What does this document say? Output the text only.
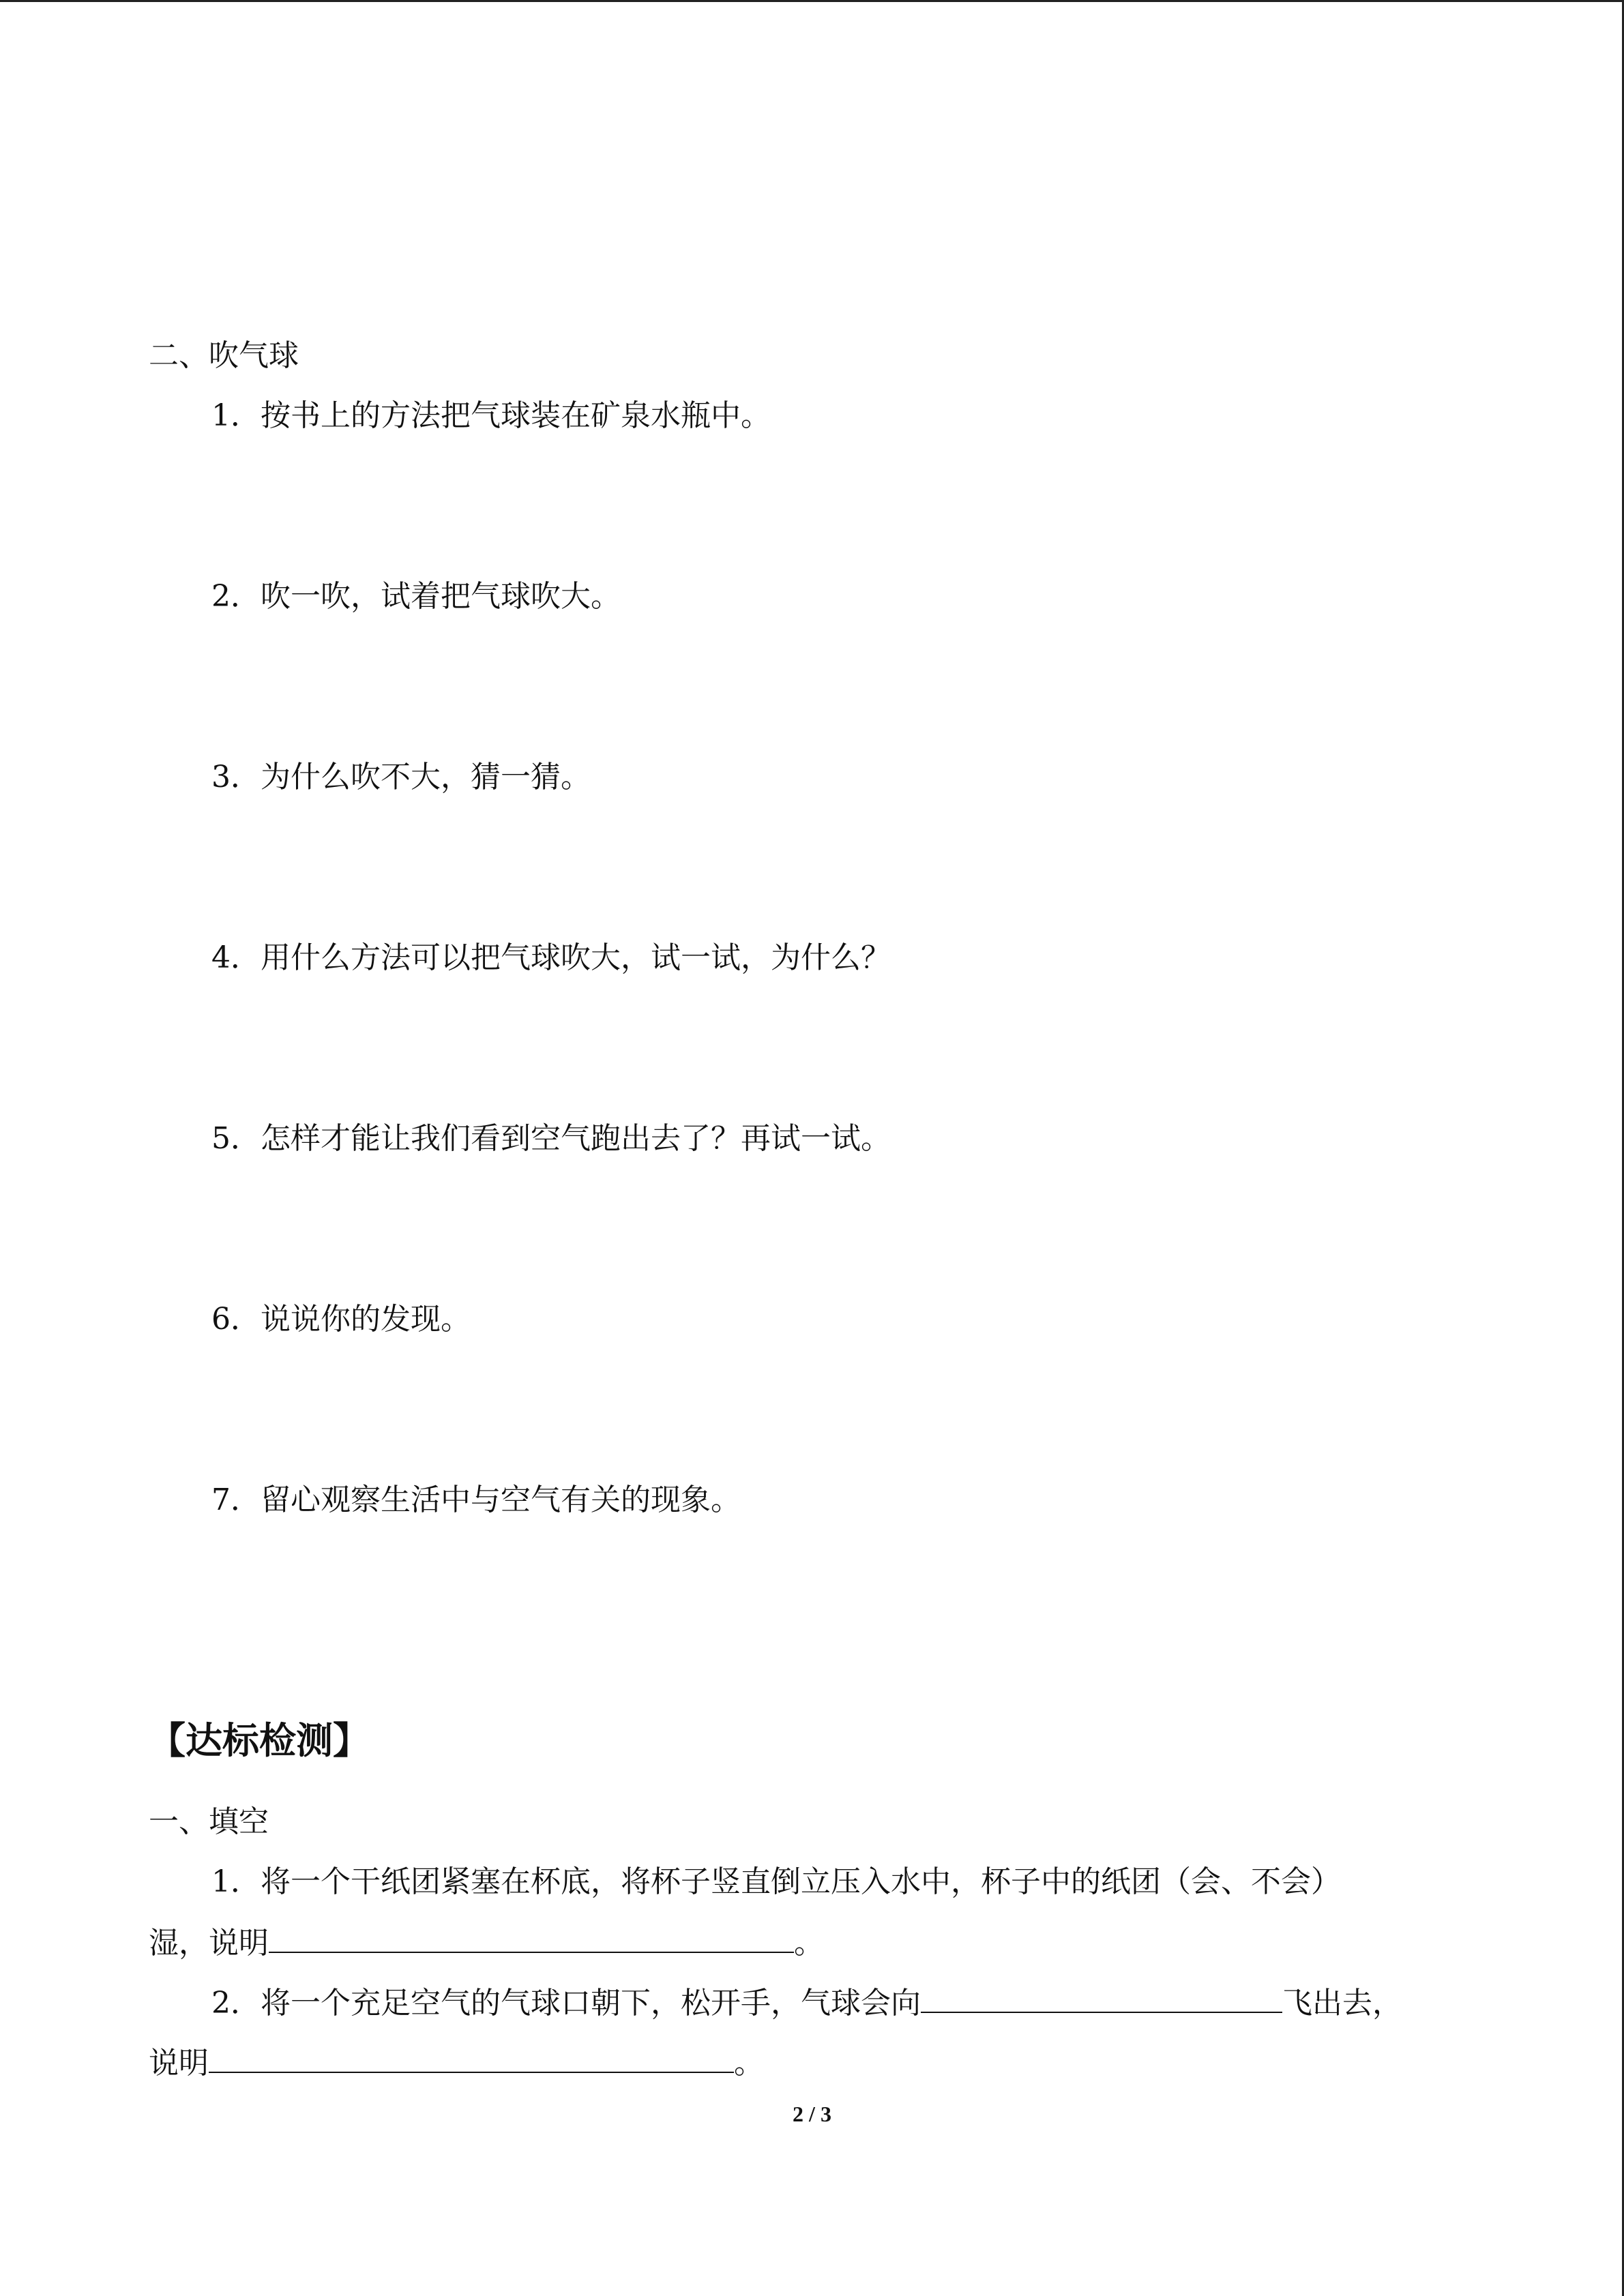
二、吹气球
1．按书上的方法把气球装在矿泉水瓶中。
2．吹一吹，试着把气球吹大。
3．为什么吹不大，猜一猜。
4．用什么方法可以把气球吹大，试一试，为什么？
5．怎样才能让我们看到空气跑出去了？再试一试。
6．说说你的发现。
7．留心观察生活中与空气有关的现象。
【达标检测】
一、填空
1．将一个干纸团紧塞在杯底，将杯子竖直倒立压入水中，杯子中的纸团（会、不会）
湿，说明	。
2．将一个充足空气的气球口朝下，松开手，气球会向	飞出去，
说明	。
2 / 3
